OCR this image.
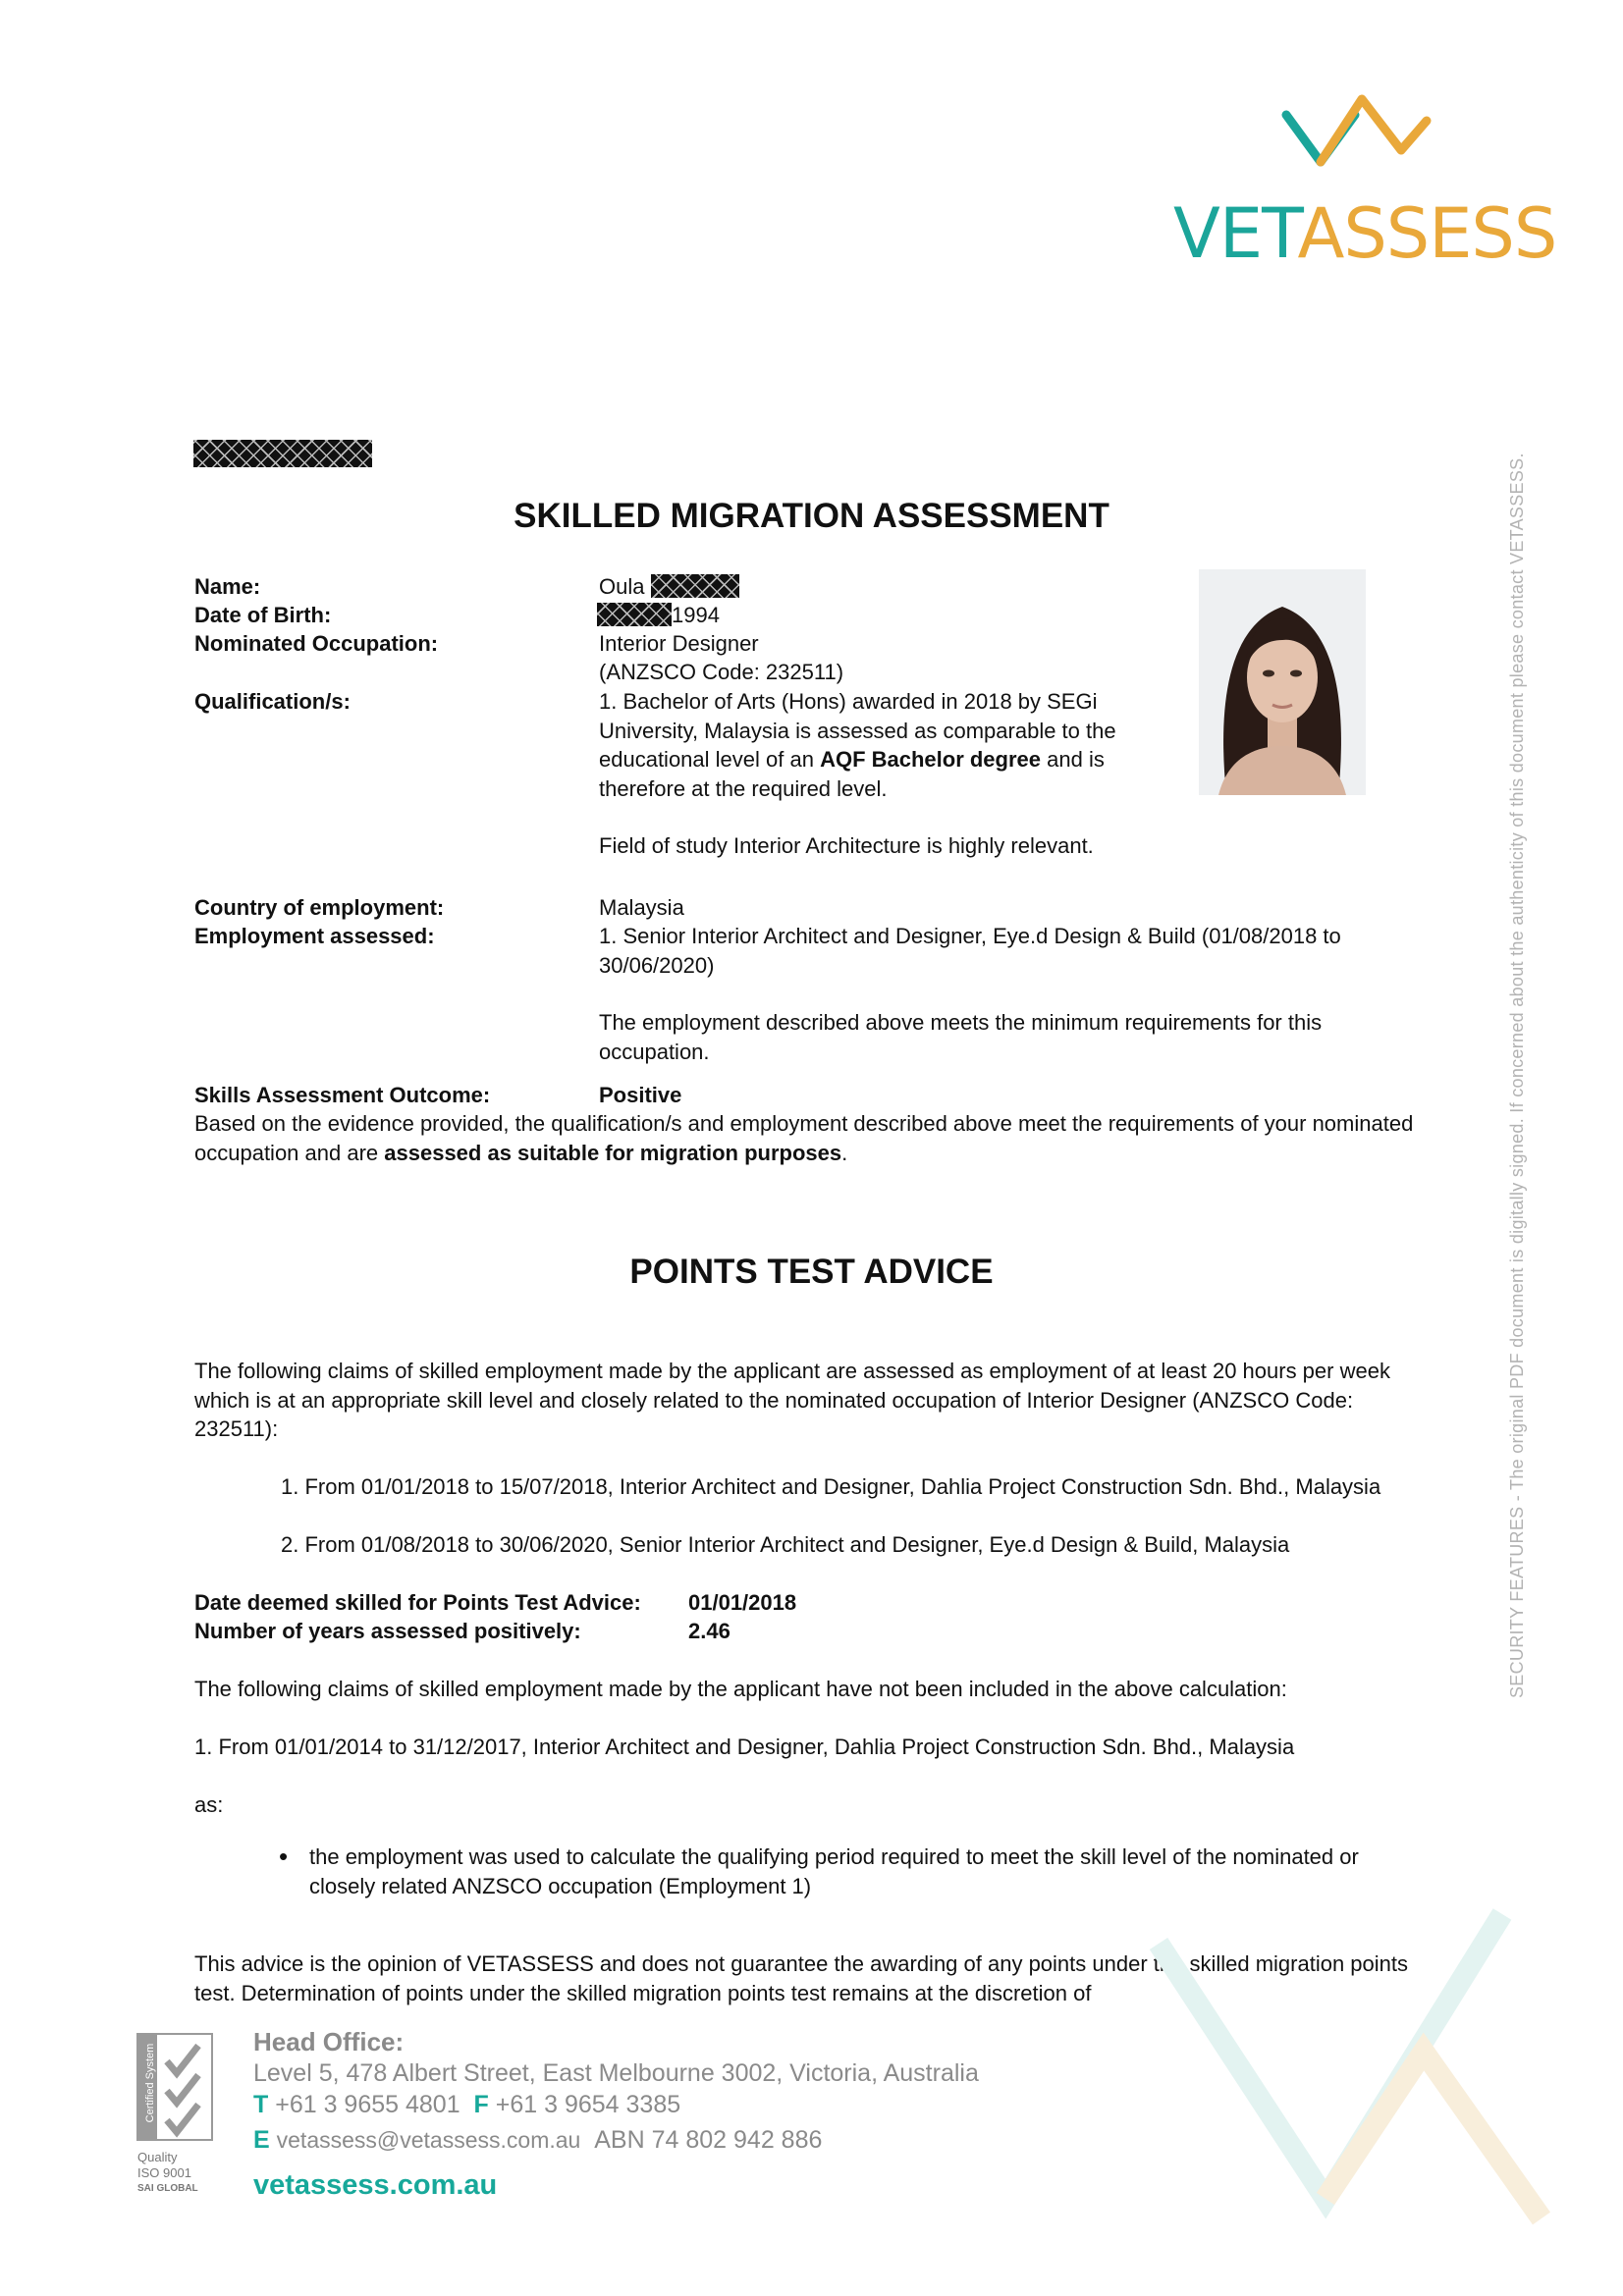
VETASSESS
SECURITY FEATURES - The original PDF document is digitally signed. If concerned about the authenticity of this document please contact VETASSESS.
SKILLED MIGRATION ASSESSMENT
Name:
Date of Birth:
Nominated Occupation:
Qualification/s:
Oula
1994
Interior Designer
(ANZSCO Code: 232511)
1. Bachelor of Arts (Hons) awarded in 2018 by SEGi University, Malaysia is assessed as comparable to the educational level of an AQF Bachelor degree and is therefore at the required level.
Field of study Interior Architecture is highly relevant.
Country of employment:
Employment assessed:
Malaysia
1. Senior Interior Architect and Designer, Eye.d Design & Build (01/08/2018 to 30/06/2020)
The employment described above meets the minimum requirements for this occupation.
Skills Assessment Outcome:	Positive
Based on the evidence provided, the qualification/s and employment described above meet the requirements of your nominated occupation and are assessed as suitable for migration purposes.
POINTS TEST ADVICE
The following claims of skilled employment made by the applicant are assessed as employment of at least 20 hours per week which is at an appropriate skill level and closely related to the nominated occupation of Interior Designer (ANZSCO Code: 232511):
1. From 01/01/2018 to 15/07/2018, Interior Architect and Designer, Dahlia Project Construction Sdn. Bhd., Malaysia
2. From 01/08/2018 to 30/06/2020, Senior Interior Architect and Designer, Eye.d Design & Build, Malaysia
Date deemed skilled for Points Test Advice: 01/01/2018
Number of years assessed positively:	2.46
The following claims of skilled employment made by the applicant have not been included in the above calculation:
1. From 01/01/2014 to 31/12/2017, Interior Architect and Designer, Dahlia Project Construction Sdn. Bhd., Malaysia
as:
• the employment was used to calculate the qualifying period required to meet the skill level of the nominated or closely related ANZSCO occupation (Employment 1)
This advice is the opinion of VETASSESS and does not guarantee the awarding of any points under the skilled migration points test. Determination of points under the skilled migration points test remains at the discretion of
Certified System
Quality
ISO 9001
SAI GLOBAL
Head Office:
Level 5, 478 Albert Street, East Melbourne 3002, Victoria, Australia
T +61 3 9655 4801 F +61 3 9654 3385
E vetassess@vetassess.com.au ABN 74 802 942 886
vetassess.com.au
